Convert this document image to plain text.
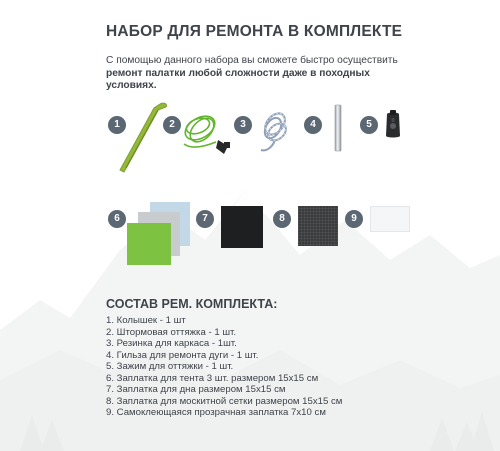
НАБОР ДЛЯ РЕМОНТА В КОМПЛЕКТЕ
С помощью данного набора вы сможете быстро осуществить ремонт палатки любой сложности даже в походных условиях.
1	2	3	4	5
6	7	8	9
СОСТАВ РЕМ. КОМПЛЕКТА:
1. Колышек - 1 шт
2. Штормовая оттяжка - 1 шт.
3. Резинка для каркаса - 1шт.
4. Гильза для ремонта дуги - 1 шт.
5. Зажим для оттяжки - 1 шт.
6. Заплатка для тента 3 шт. размером 15х15 см
7. Заплатка для дна размером 15х15 см
8. Заплатка для москитной сетки размером 15х15 см
9. Самоклеющаяся прозрачная заплатка 7х10 см
